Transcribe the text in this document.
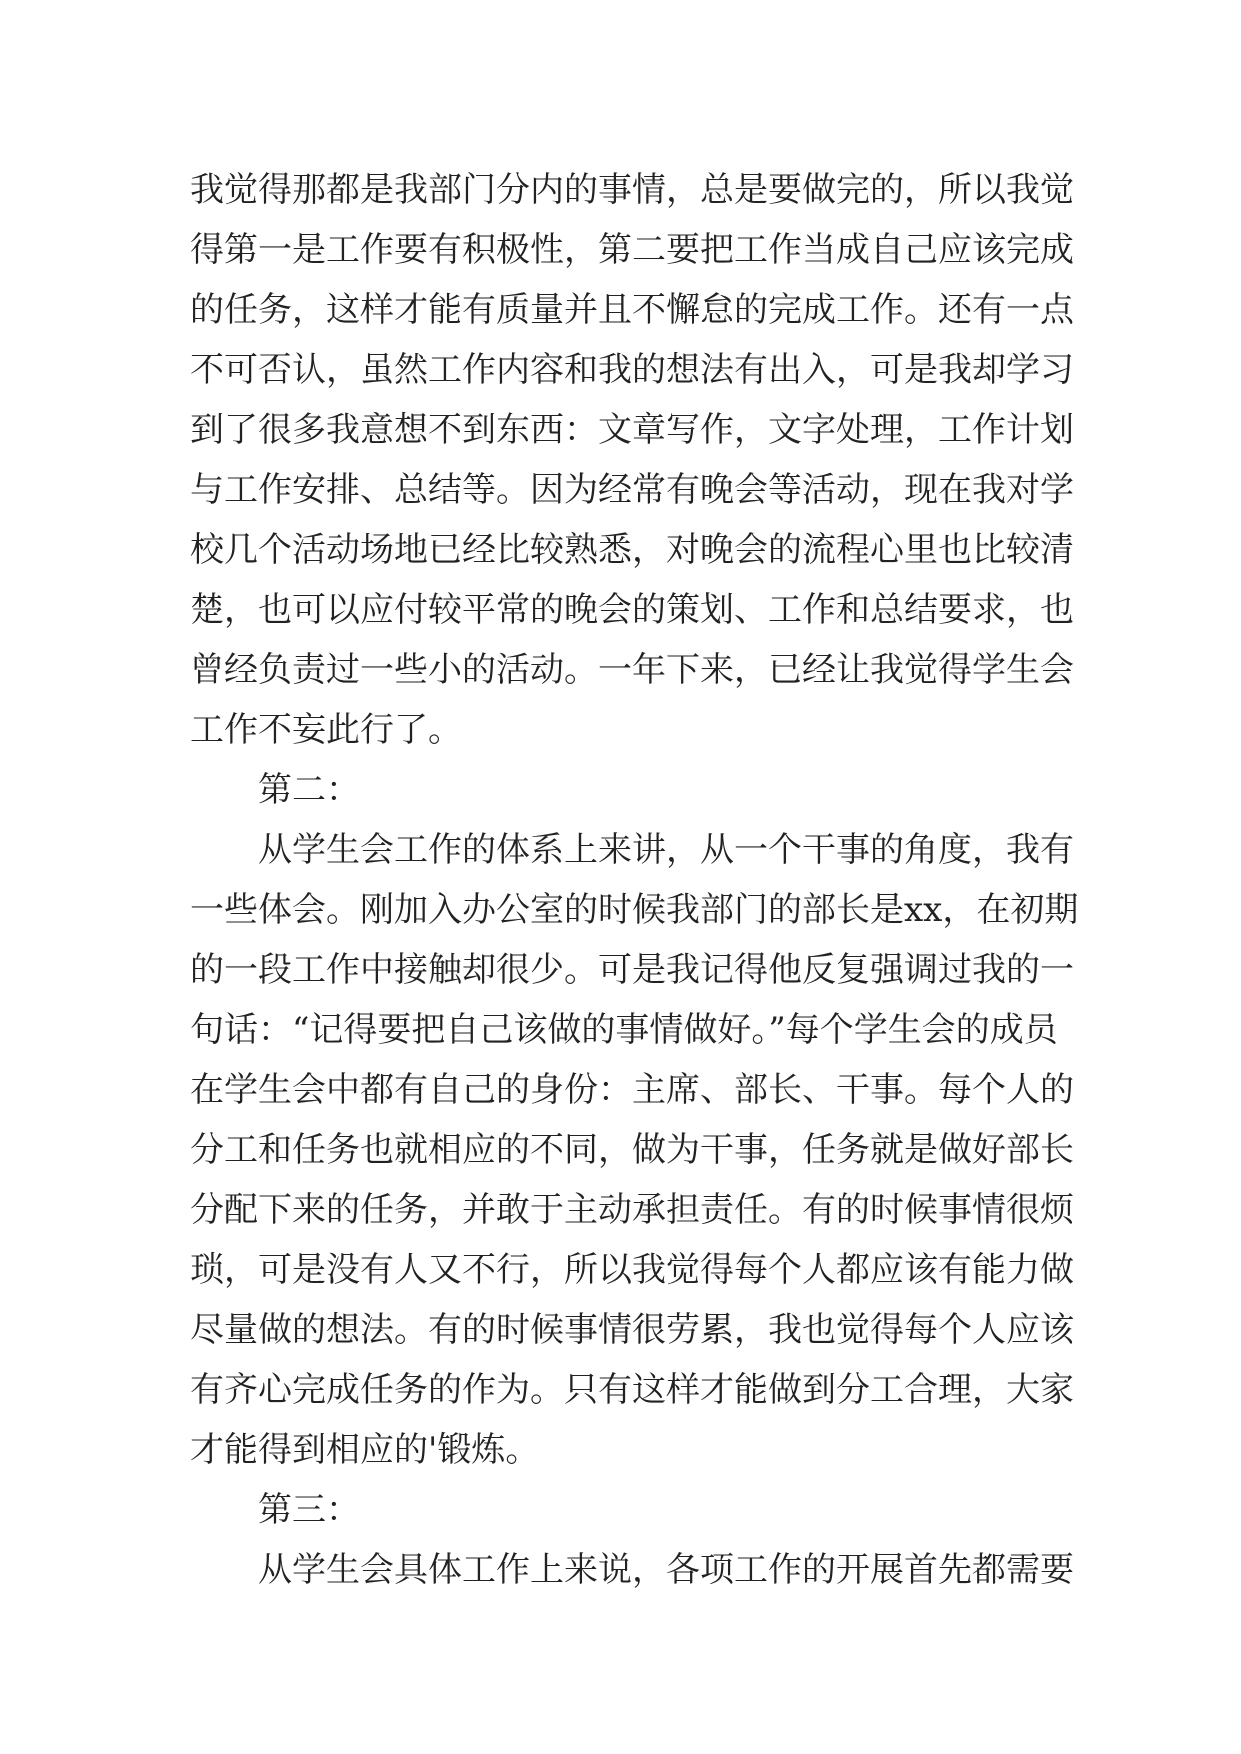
我觉得那都是我部门分内的事情，总是要做完的，所以我觉
得第一是工作要有积极性，第二要把工作当成自己应该完成
的任务，这样才能有质量并且不懈怠的完成工作。还有一点
不可否认，虽然工作内容和我的想法有出入，可是我却学习
到了很多我意想不到东西：文章写作，文字处理，工作计划
与工作安排、总结等。因为经常有晚会等活动，现在我对学
校几个活动场地已经比较熟悉，对晚会的流程心里也比较清
楚，也可以应付较平常的晚会的策划、工作和总结要求，也
曾经负责过一些小的活动。一年下来，已经让我觉得学生会
工作不妄此行了。
第二：
从学生会工作的体系上来讲，从一个干事的角度，我有
一些体会。刚加入办公室的时候我部门的部长是xx，在初期
的一段工作中接触却很少。可是我记得他反复强调过我的一
句话：“记得要把自己该做的事情做好。”每个学生会的成员
在学生会中都有自己的身份：主席、部长、干事。每个人的
分工和任务也就相应的不同，做为干事，任务就是做好部长
分配下来的任务，并敢于主动承担责任。有的时候事情很烦
琐，可是没有人又不行，所以我觉得每个人都应该有能力做
尽量做的想法。有的时候事情很劳累，我也觉得每个人应该
有齐心完成任务的作为。只有这样才能做到分工合理，大家
才能得到相应的'锻炼。
第三：
从学生会具体工作上来说，各项工作的开展首先都需要
